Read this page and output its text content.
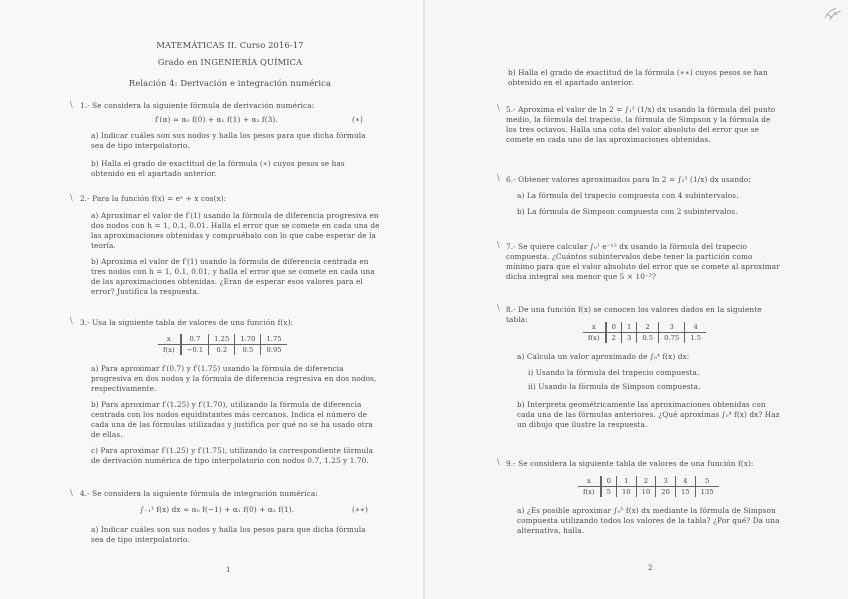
MATEMÁTICAS II. Curso 2016-17
Grado en INGENIERÍA QUÍMICA
Relación 4: Derivación e integración numérica
\ 1.- Se considera la siguiente fórmula de derivación numérica:
f′(α) ≈ α₀ f(0) + α₁ f(1) + α₂ f(3).	(∗)
a) Indicar cuáles son sus nodos y halla los pesos para que dicha fórmula sea de tipo interpolatorio.
b) Halla el grado de exactitud de la fórmula (∗) cuyos pesos se has obtenido en el apartado anterior.
\ 2.- Para la función f(x) = eˣ + x cos(x):
a) Aproximar el valor de f′(1) usando la fórmula de diferencia progresiva en dos nodos con h = 1, 0.1, 0.01. Halla el error que se comete en cada una de las aproximaciones obtenidas y compruébalo con lo que cabe esperar de la teoría.
b) Aproxima el valor de f′(1) usando la fórmula de diferencia centrada en tres nodos con h = 1, 0.1, 0.01, y halla el error que se comete en cada una de las aproximaciones obtenidas. ¿Eran de esperar esos valores para el error? Justifica la respuesta.
\ 3.- Usa la siguiente tabla de valores de una función f(x):
x	0.7	1.25	1.70	1.75
f(x)	−0.1	0.2	0.5	0.95
a) Para aproximar f′(0.7) y f′(1.75) usando la fórmula de diferencia progresiva en dos nodos y la fórmula de diferencia regresiva en dos nodos, respectivamente.
b) Para aproximar f′(1.25) y f′(1.70), utilizando la fórmula de diferencia centrada con los nodos equidistantes más cercanos. Indica el número de cada una de las fórmulas utilizadas y justifica por qué no se ha usado otra de ellas.
c) Para aproximar f′(1.25) y f′(1.75), utilizando la correspondiente fórmula de derivación numérica de tipo interpolatorio con nodos 0.7, 1.25 y 1.70.
\ 4.- Se considera la siguiente fórmula de integración numérica:
∫₋₁¹ f(x) dx ≈ α₀ f(−1) + α₁ f(0) + α₂ f(1).	(∗∗)
a) Indicar cuáles son sus nodos y halla los pesos para que dicha fórmula sea de tipo interpolatorio.
1
b) Halla el grado de exactitud de la fórmula (∗∗) cuyos pesos se han obtenido en el apartado anterior.
\ 5.- Aproxima el valor de ln 2 = ∫₁² (1/x) dx usando la fórmula del punto medio, la fórmula del trapecio, la fórmula de Simpson y la fórmula de los tres octavos. Halla una cota del valor absoluto del error que se comete en cada uno de las aproximaciones obtenidas.
\ 6.- Obtener valores aproximados para ln 2 = ∫₁² (1/x) dx usando:
a) La fórmula del trapecio compuesta con 4 subintervalos.
b) La fórmula de Simpson compuesta con 2 subintervalos.
\ 7.- Se quiere calcular ∫₀¹ e⁻ˣ² dx usando la fórmula del trapecio compuesta. ¿Cuántos subintervalos debe tener la partición como mínimo para que el valor absoluto del error que se comete al aproximar dicha integral sea menor que 5 × 10⁻³?
\ 8.- De una función f(x) se conocen los valores dados en la siguiente tabla:
x	0	1	2	3	4
f(x)	2	3	0.5	0.75	1.5
a) Calcula un valor aproximado de ∫₀⁴ f(x) dx:
i) Usando la fórmula del trapecio compuesta.
ii) Usando la fórmula de Simpson compuesta.
b) Interpreta geométricamente las aproximaciones obtenidas con cada una de las fórmulas anteriores. ¿Qué aproximas ∫₀⁴ f(x) dx? Haz un dibujo que ilustre la respuesta.
\ 9.- Se considera la siguiente tabla de valores de una función f(x):
x	0	1	2	3	4	5
f(x)	5	10	10	20	15	135
a) ¿Es posible aproximar ∫₀⁵ f(x) dx mediante la fórmula de Simpson compuesta utilizando todos los valores de la tabla? ¿Por qué? Da una alternativa, halla.
2
